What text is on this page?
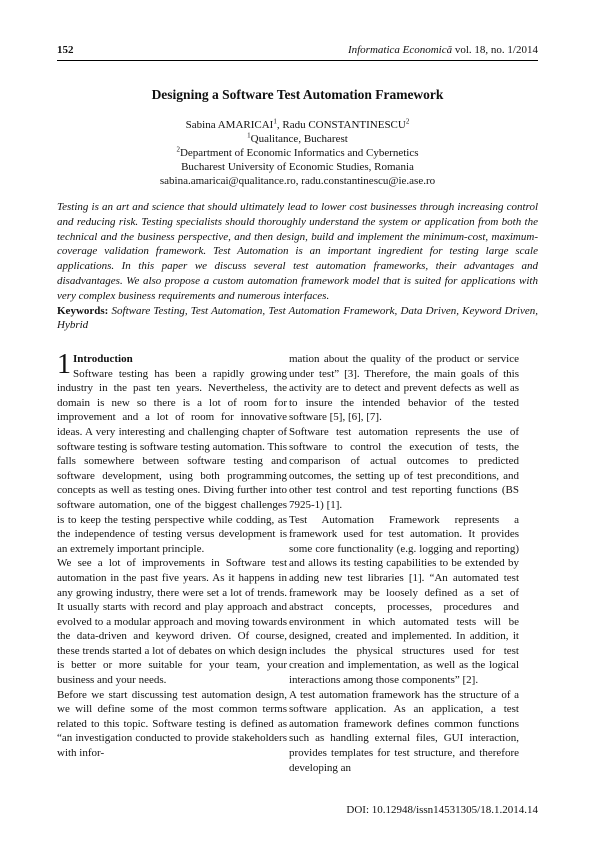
152	Informatica Economică vol. 18, no. 1/2014
Designing a Software Test Automation Framework
Sabina AMARICAI$^1$, Radu CONSTANTINESCU$^2$
$^1$Qualitance, Bucharest
$^2$Department of Economic Informatics and Cybernetics
Bucharest University of Economic Studies, Romania
sabina.amaricai@qualitance.ro, radu.constantinescu@ie.ase.ro
Testing is an art and science that should ultimately lead to lower cost businesses through increasing control and reducing risk. Testing specialists should thoroughly understand the system or application from both the technical and the business perspective, and then design, build and implement the minimum-cost, maximum-coverage validation framework. Test Automation is an important ingredient for testing large scale applications. In this paper we discuss several test automation frameworks, their advantages and disadvantages. We also propose a custom automation framework model that is suited for applications with very complex business requirements and numerous interfaces.
Keywords: Software Testing, Test Automation, Test Automation Framework, Data Driven, Keyword Driven, Hybrid

1 Introduction
Software testing has been a rapidly growing industry in the past ten years. Nevertheless, the domain is new so there is a lot of room for improvement and a lot of room for innovative ideas. A very interesting and challenging chapter of software testing is software testing automation. This falls somewhere between software testing and software development, using both programming concepts as well as testing ones. Diving further into software automation, one of the biggest challenges is to keep the testing perspective while codding, as the independence of testing versus development is an extremely important principle.

We see a lot of improvements in Software test automation in the past five years. As it happens in any growing industry, there were set a lot of trends. It usually starts with record and play approach and evolved to a modular approach and moving towards the data-driven and keyword driven. Of course, these trends started a lot of debates on which design is better or more suitable for your team, your business and your needs.

Before we start discussing test automation design, we will define some of the most common terms related to this topic. Software testing is defined as “an investigation conducted to provide stakeholders with infor-

mation about the quality of the product or service under test” [3]. Therefore, the main goals of this activity are to detect and prevent defects as well as to insure the intended behavior of the tested software [5], [6], [7].

Software test automation represents the use of software to control the execution of tests, the comparison of actual outcomes to predicted outcomes, the setting up of test preconditions, and other test control and test reporting functions (BS 7925-1) [1].

Test Automation Framework represents a framework used for test automation. It provides some core functionality (e.g. logging and reporting) and allows its testing capabilities to be extended by adding new test libraries [1]. “An automated test framework may be loosely defined as a set of abstract concepts, processes, procedures and environment in which automated tests will be designed, created and implemented. In addition, it includes the physical structures used for test creation and implementation, as well as the logical interactions among those components” [2].

A test automation framework has the structure of a software application. As an application, a test automation framework defines common functions such as handling external files, GUI interaction, provides templates for test structure, and therefore developing an

DOI: 10.12948/issn14531305/18.1.2014.14
